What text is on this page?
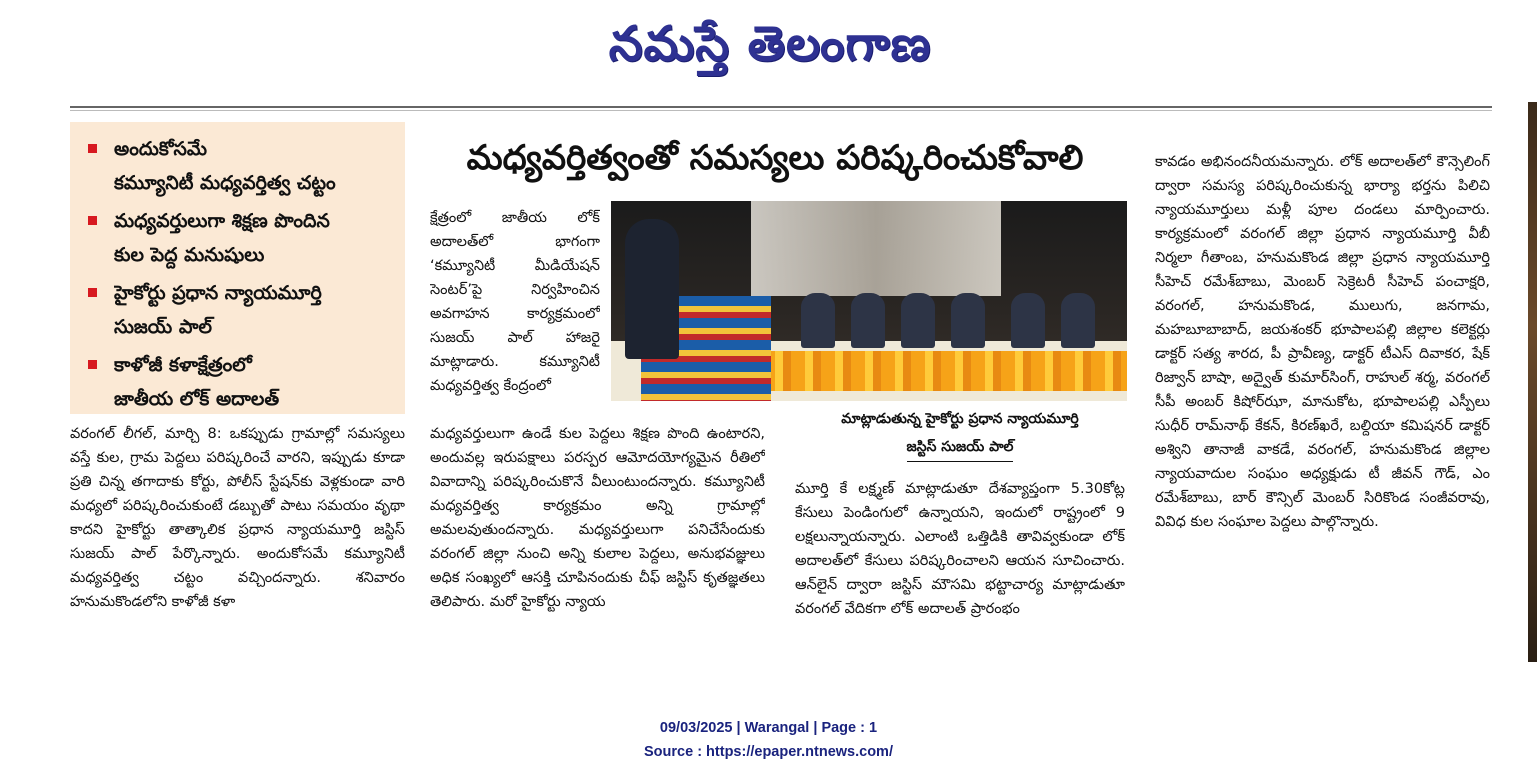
నమస్తే తెలంగాణ
అందుకోసమే
కమ్యూనిటీ మధ్యవర్తిత్వ చట్టం
మధ్యవర్తులుగా శిక్షణ పొందిన
కుల పెద్ద మనుషులు
హైకోర్టు ప్రధాన న్యాయమూర్తి
సుజయ్ పాల్
కాళోజీ కళాక్షేత్రంలో
జాతీయ లోక్ అదాలత్
మధ్యవర్తిత్వంతో సమస్యలు పరిష్కరించుకోవాలి

వరంగల్ లీగల్, మార్చి 8: ఒకప్పుడు గ్రామాల్లో సమస్యలు వస్తే కుల, గ్రామ పెద్దలు పరిష్కరించే వారని, ఇప్పుడు కూడా ప్రతి చిన్న తగాదాకు కోర్టు, పోలీస్ స్టేషన్‌కు వెళ్లకుండా వారి మధ్యలో పరిష్కరించుకుంటే డబ్బుతో పాటు సమయం వృథా కాదని హైకోర్టు తాత్కాలిక ప్రధాన న్యాయమూర్తి జస్టిస్ సుజయ్ పాల్ పేర్కొన్నారు. అందుకోసమే కమ్యూనిటీ మధ్యవర్తిత్వ చట్టం వచ్చిందన్నారు. శనివారం హనుమకొండలోని కాళోజీ కళా

క్షేత్రంలో జాతీయ లోక్ అదాలత్‌లో భాగంగా ‘కమ్యూనిటీ మీడియేషన్ సెంటర్’పై నిర్వహించిన అవగాహన కార్యక్రమంలో సుజయ్ పాల్ హాజరై మాట్లాడారు. కమ్యూనిటీ మధ్యవర్తిత్వ కేంద్రంలో

మాట్లాడుతున్న హైకోర్టు ప్రధాన న్యాయమూర్తి
జస్టిస్ సుజయ్ పాల్

మధ్యవర్తులుగా ఉండే కుల పెద్దలు శిక్షణ పొంది ఉంటారని, అందువల్ల ఇరుపక్షాలు పరస్పర ఆమోదయోగ్యమైన రీతిలో వివాదాన్ని పరిష్కరించుకొనే వీలుంటుందన్నారు. కమ్యూనిటీ మధ్యవర్తిత్వ కార్యక్రమం అన్ని గ్రామాల్లో అమలవుతుందన్నారు. మధ్యవర్తులుగా పనిచేసేందుకు వరంగల్ జిల్లా నుంచి అన్ని కులాల పెద్దలు, అనుభవజ్ఞులు అధిక సంఖ్యలో ఆసక్తి చూపినందుకు చీఫ్ జస్టిస్ కృతజ్ఞతలు తెలిపారు. మరో హైకోర్టు న్యాయ

మూర్తి కే లక్ష్మణ్ మాట్లాడుతూ దేశవ్యాప్తంగా 5.30కోట్ల కేసులు పెండింగులో ఉన్నాయని, ఇందులో రాష్ట్రంలో 9 లక్షలున్నాయన్నారు. ఎలాంటి ఒత్తిడికి తావివ్వకుండా లోక్ అదాలత్‌లో కేసులు పరిష్కరించాలని ఆయన సూచించారు. ఆన్‌లైన్ ద్వారా జస్టిస్ మౌసమి భట్టాచార్య మాట్లాడుతూ వరంగల్ వేదికగా లోక్ అదాలత్ ప్రారంభం

కావడం అభినందనీయమన్నారు. లోక్ అదాలత్‌లో కౌన్సెలింగ్ ద్వారా సమస్య పరిష్కరించుకున్న భార్యా భర్తను పిలిచి న్యాయమూర్తులు మళ్లీ పూల దండలు మార్పించారు. కార్యక్రమంలో వరంగల్ జిల్లా ప్రధాన న్యాయమూర్తి వీబీ నిర్మలా గీతాంబ, హనుమకొండ జిల్లా ప్రధాన న్యాయమూర్తి సీహెచ్ రమేశ్‌బాబు, మెంబర్ సెక్రెటరీ సీహెచ్ పంచాక్షరి, వరంగల్, హనుమకొండ, ములుగు, జనగామ, మహబూబాబాద్, జయశంకర్ భూపాలపల్లి జిల్లాల కలెక్టర్లు డాక్టర్ సత్య శారద, పీ ప్రావీణ్య, డాక్టర్ టీఎస్ దివాకర, షేక్ రిజ్వాన్ బాషా, అద్వైత్ కుమార్‌సింగ్, రాహుల్ శర్మ, వరంగల్ సీపీ అంబర్ కిషోర్‌ఝా, మానుకోట, భూపాలపల్లి ఎస్పీలు సుధీర్ రామ్‌నాథ్ కేకన్, కిరణ్‌ఖరే, బల్దియా కమిషనర్ డాక్టర్ అశ్విని తానాజీ వాకడే, వరంగల్, హనుమకొండ జిల్లాల న్యాయవాదుల సంఘం అధ్యక్షుడు టీ జీవన్ గౌడ్, ఎం రమేశ్‌బాబు, బార్ కౌన్సిల్ మెంబర్ సిరికొండ సంజీవరావు, వివిధ కుల సంఘాల పెద్దలు పాల్గొన్నారు.

09/03/2025 | Warangal | Page : 1
Source : https://epaper.ntnews.com/
